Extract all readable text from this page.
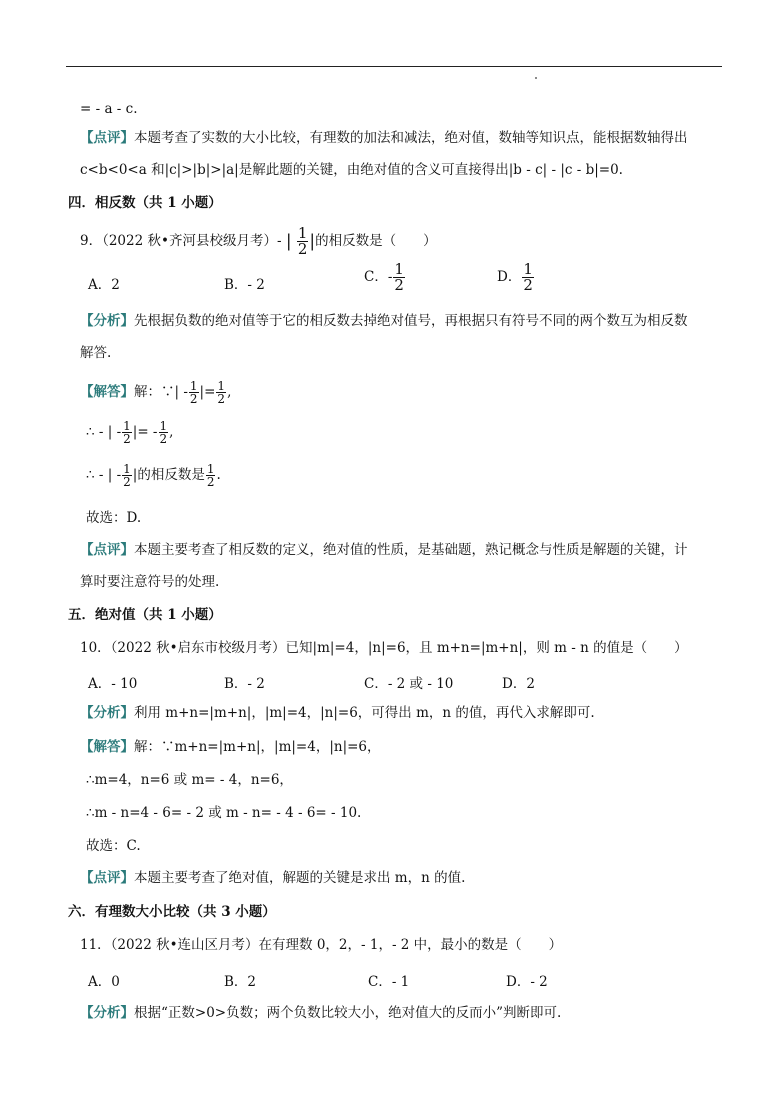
= - a - c.
【点评】本题考查了实数的大小比较，有理数的加法和减法，绝对值，数轴等知识点，能根据数轴得出
c<b<0<a 和|c|>|b|>|a|是解此题的关键，由绝对值的含义可直接得出|b - c| - |c - b|=0.
四．相反数（共 1 小题）
9．（2022 秋•齐河县校级月考）- | $\frac{1}{2}$ |的相反数是（　　）
A．2	B．- 2	C．- $\frac{1}{2}$	D． $\frac{1}{2}$
【分析】先根据负数的绝对值等于它的相反数去掉绝对值号，再根据只有符号不同的两个数互为相反数
解答.
【解答】解：∵| - $\frac{1}{2}$ |= $\frac{1}{2}$ ,
∴ - | - $\frac{1}{2}$ |= - $\frac{1}{2}$ ,
∴ - | - $\frac{1}{2}$ |的相反数是 $\frac{1}{2}$ .
故选：D.
【点评】本题主要考查了相反数的定义，绝对值的性质，是基础题，熟记概念与性质是解题的关键，计
算时要注意符号的处理.
五．绝对值（共 1 小题）
10．（2022 秋•启东市校级月考）已知|m|=4，|n|=6，且 m+n=|m+n|，则 m - n 的值是（　　）
A．- 10	B．- 2	C．- 2 或 - 10	D．2
【分析】利用 m+n=|m+n|，|m|=4，|n|=6，可得出 m，n 的值，再代入求解即可.
【解答】解：∵m+n=|m+n|，|m|=4，|n|=6，
∴m=4，n=6 或 m= - 4，n=6，
∴m - n=4 - 6= - 2 或 m - n= - 4 - 6= - 10.
故选：C.
【点评】本题主要考查了绝对值，解题的关键是求出 m，n 的值.
六．有理数大小比较（共 3 小题）
11．（2022 秋•连山区月考）在有理数 0，2，- 1，- 2 中，最小的数是（　　）
A．0	B．2	C．- 1	D．- 2
【分析】根据“正数>0>负数；两个负数比较大小，绝对值大的反而小”判断即可.
